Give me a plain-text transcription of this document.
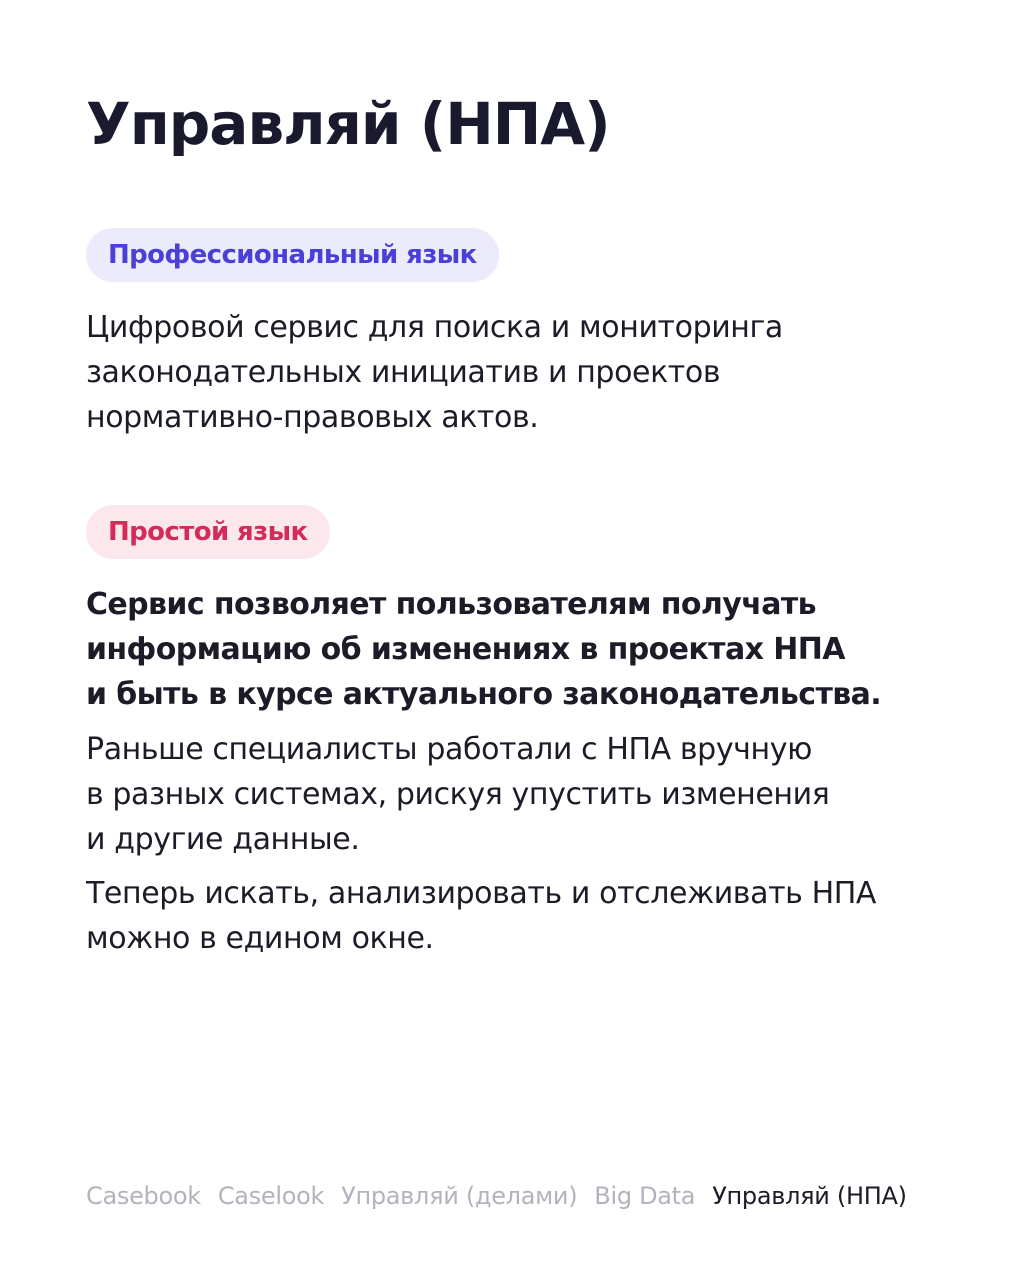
Управляй (НПА)
Профессиональный язык

Цифровой сервис для поиска и мониторинга
законодательных инициатив и проектов
нормативно-правовых актов.

Простой язык

Сервис позволяет пользователям получать
информацию об изменениях в проектах НПА
и быть в курсе актуального законодательства.

Раньше специалисты работали с НПА вручную
в разных системах, рискуя упустить изменения
и другие данные.

Теперь искать, анализировать и отслеживать НПА
можно в едином окне.

Casebook Caselook Управляй (делами) Big Data Управляй (НПА)
